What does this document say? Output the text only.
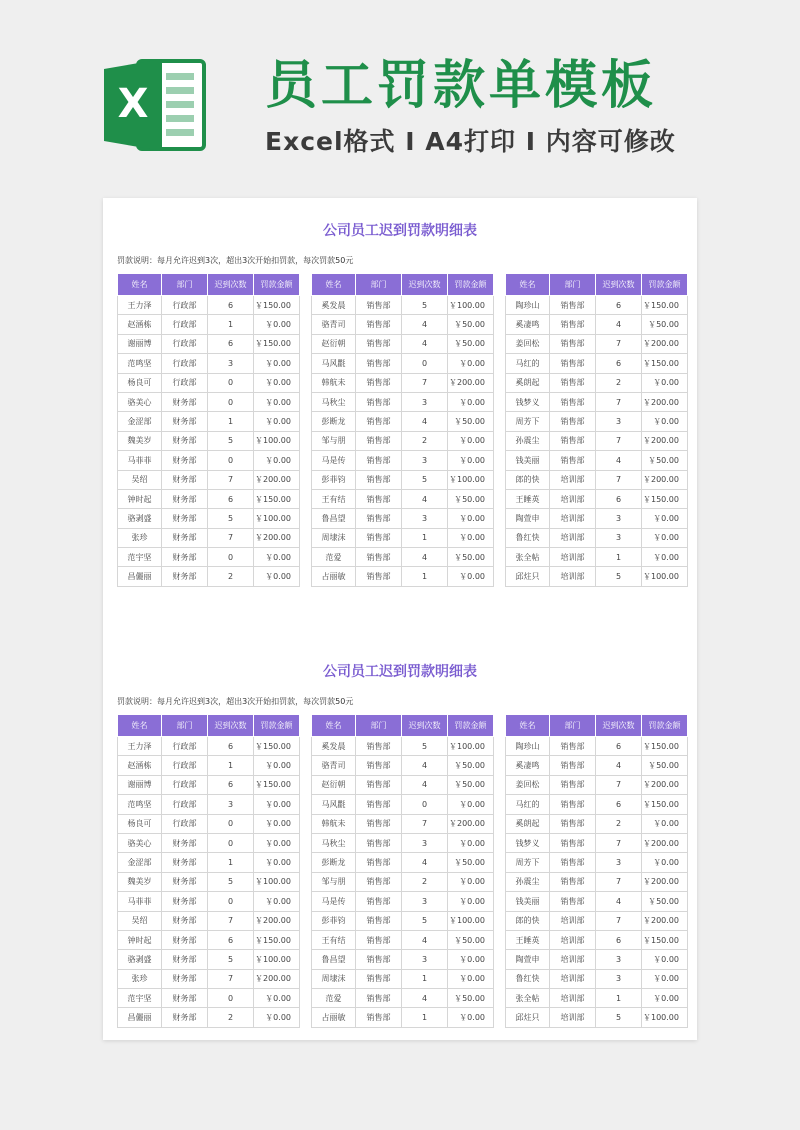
X 员工罚款单模板
Excel格式 Ⅰ A4打印 Ⅰ 内容可修改
公司员工迟到罚款明细表
罚款说明：每月允许迟到3次，超出3次开始扣罚款，每次罚款50元
姓名	部门	迟到次数	罚款金额
王力泽	行政部	6	￥150.00
赵涵栋	行政部	1	￥0.00
谢丽博	行政部	6	￥150.00
范鸣坚	行政部	3	￥0.00
杨良可	行政部	0	￥0.00
骆美心	财务部	0	￥0.00
金涩部	财务部	1	￥0.00
魏美岁	财务部	5	￥100.00
马菲菲	财务部	0	￥0.00
吴绍	财务部	7	￥200.00
钟时起	财务部	6	￥150.00
骆剥盛	财务部	5	￥100.00
张珍	财务部	7	￥200.00
范宇坚	财务部	0	￥0.00
昌儷丽	财务部	2	￥0.00
姓名	部门	迟到次数	罚款金额
奚发晨	销售部	5	￥100.00
骆青司	销售部	4	￥50.00
赵衍朝	销售部	4	￥50.00
马风氍	销售部	0	￥0.00
韩航未	销售部	7	￥200.00
马秋尘	销售部	3	￥0.00
彭断龙	销售部	4	￥50.00
邹与朋	销售部	2	￥0.00
马是传	销售部	3	￥0.00
彭菲钧	销售部	5	￥100.00
王有结	销售部	4	￥50.00
鲁昌望	销售部	3	￥0.00
周埭沫	销售部	1	￥0.00
范爱	销售部	4	￥50.00
占丽敏	销售部	1	￥0.00
姓名	部门	迟到次数	罚款金额
陶珍山	销售部	6	￥150.00
奚凄鸣	销售部	4	￥50.00
姜回松	销售部	7	￥200.00
马红的	销售部	6	￥150.00
奚朗起	销售部	2	￥0.00
钱梦义	销售部	7	￥200.00
周芳下	销售部	3	￥0.00
孙震尘	销售部	7	￥200.00
钱美丽	销售部	4	￥50.00
郎的快	培训部	7	￥200.00
王睡英	培训部	6	￥150.00
陶萱申	培训部	3	￥0.00
鲁红快	培训部	3	￥0.00
张全帖	培训部	1	￥0.00
邱炷只	培训部	5	￥100.00
公司员工迟到罚款明细表
罚款说明：每月允许迟到3次，超出3次开始扣罚款，每次罚款50元
姓名	部门	迟到次数	罚款金额
王力泽	行政部	6	￥150.00
赵涵栋	行政部	1	￥0.00
谢丽博	行政部	6	￥150.00
范鸣坚	行政部	3	￥0.00
杨良可	行政部	0	￥0.00
骆美心	财务部	0	￥0.00
金涩部	财务部	1	￥0.00
魏美岁	财务部	5	￥100.00
马菲菲	财务部	0	￥0.00
吴绍	财务部	7	￥200.00
钟时起	财务部	6	￥150.00
骆剥盛	财务部	5	￥100.00
张珍	财务部	7	￥200.00
范宇坚	财务部	0	￥0.00
昌儷丽	财务部	2	￥0.00
姓名	部门	迟到次数	罚款金额
奚发晨	销售部	5	￥100.00
骆青司	销售部	4	￥50.00
赵衍朝	销售部	4	￥50.00
马风氍	销售部	0	￥0.00
韩航未	销售部	7	￥200.00
马秋尘	销售部	3	￥0.00
彭断龙	销售部	4	￥50.00
邹与朋	销售部	2	￥0.00
马是传	销售部	3	￥0.00
彭菲钧	销售部	5	￥100.00
王有结	销售部	4	￥50.00
鲁昌望	销售部	3	￥0.00
周埭沫	销售部	1	￥0.00
范爱	销售部	4	￥50.00
占丽敏	销售部	1	￥0.00
姓名	部门	迟到次数	罚款金额
陶珍山	销售部	6	￥150.00
奚凄鸣	销售部	4	￥50.00
姜回松	销售部	7	￥200.00
马红的	销售部	6	￥150.00
奚朗起	销售部	2	￥0.00
钱梦义	销售部	7	￥200.00
周芳下	销售部	3	￥0.00
孙震尘	销售部	7	￥200.00
钱美丽	销售部	4	￥50.00
郎的快	培训部	7	￥200.00
王睡英	培训部	6	￥150.00
陶萱申	培训部	3	￥0.00
鲁红快	培训部	3	￥0.00
张全帖	培训部	1	￥0.00
邱炷只	培训部	5	￥100.00
